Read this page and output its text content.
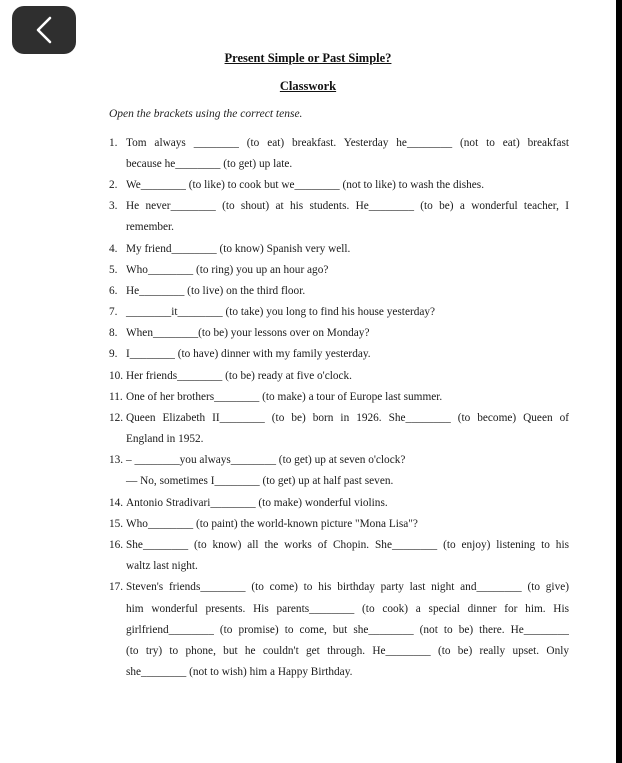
Present Simple or Past Simple?
Classwork
Open the brackets using the correct tense.
1. Tom always ________ (to eat) breakfast. Yesterday he________ (not to eat) breakfast
because he________ (to get) up late.
2. We________ (to like) to cook but we________ (not to like) to wash the dishes.
3. He never________ (to shout) at his students. He________ (to be) a wonderful teacher, I
remember.
4. My friend________ (to know) Spanish very well.
5. Who________ (to ring) you up an hour ago?
6. He________ (to live) on the third floor.
7. ________it________ (to take) you long to find his house yesterday?
8. When________(to be) your lessons over on Monday?
9. I________ (to have) dinner with my family yesterday.
10. Her friends________ (to be) ready at five o'clock.
11. One of her brothers________ (to make) a tour of Europe last summer.
12. Queen Elizabeth II________ (to be) born in 1926. She________ (to become) Queen of
England in 1952.
13. – ________you always________ (to get) up at seven o'clock?
— No, sometimes I________ (to get) up at half past seven.
14. Antonio Stradivari________ (to make) wonderful violins.
15. Who________ (to paint) the world-known picture "Mona Lisa"?
16. She________ (to know) all the works of Chopin. She________ (to enjoy) listening to his
waltz last night.
17. Steven's friends________ (to come) to his birthday party last night and________ (to give)
him wonderful presents. His parents________ (to cook) a special dinner for him. His
girlfriend________ (to promise) to come, but she________ (not to be) there. He________
(to try) to phone, but he couldn't get through. He________ (to be) really upset. Only
she________ (not to wish) him a Happy Birthday.
